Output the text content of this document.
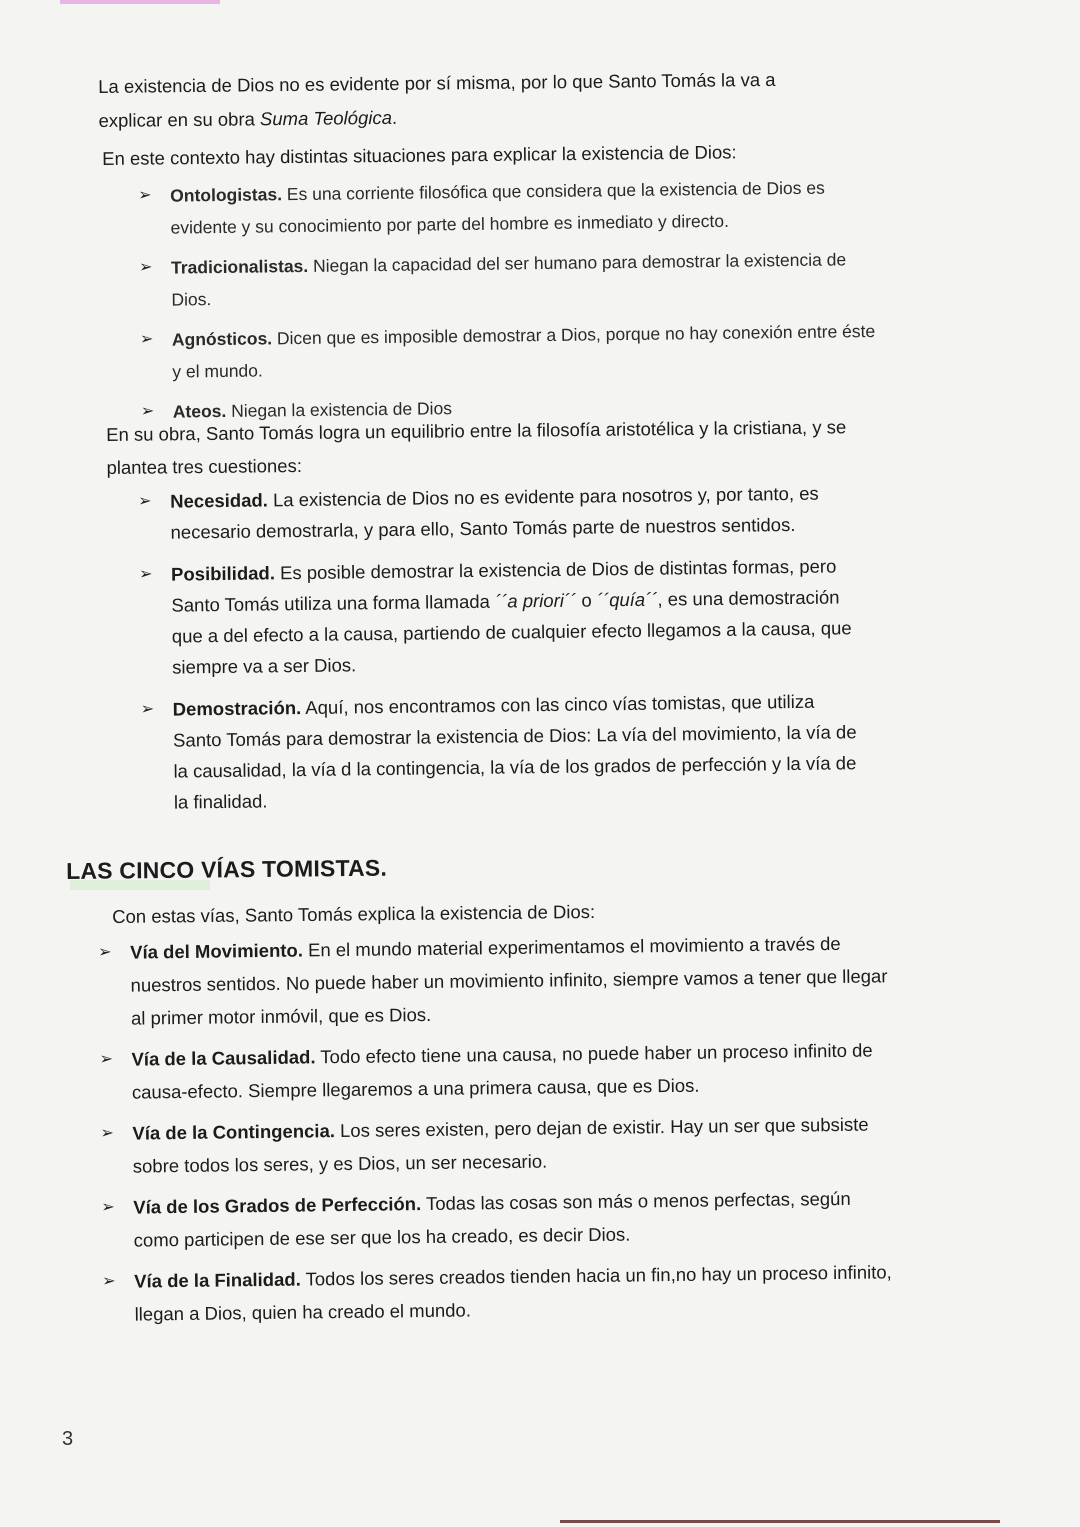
La existencia de Dios no es evidente por sí misma, por lo que Santo Tomás la va a explicar en su obra Suma Teológica.

En este contexto hay distintas situaciones para explicar la existencia de Dios:

➢ Ontologistas. Es una corriente filosófica que considera que la existencia de Dios es evidente y su conocimiento por parte del hombre es inmediato y directo.
➢ Tradicionalistas. Niegan la capacidad del ser humano para demostrar la existencia de Dios.
➢ Agnósticos. Dicen que es imposible demostrar a Dios, porque no hay conexión entre éste y el mundo.
➢ Ateos. Niegan la existencia de Dios

En su obra, Santo Tomás logra un equilibrio entre la filosofía aristotélica y la cristiana, y se plantea tres cuestiones:

➢ Necesidad. La existencia de Dios no es evidente para nosotros y, por tanto, es necesario demostrarla, y para ello, Santo Tomás parte de nuestros sentidos.
➢ Posibilidad. Es posible demostrar la existencia de Dios de distintas formas, pero Santo Tomás utiliza una forma llamada ´´a priori´´ o ´´quía´´, es una demostración que a del efecto a la causa, partiendo de cualquier efecto llegamos a la causa, que siempre va a ser Dios.
➢ Demostración. Aquí, nos encontramos con las cinco vías tomistas, que utiliza Santo Tomás para demostrar la existencia de Dios: La vía del movimiento, la vía de la causalidad, la vía d la contingencia, la vía de los grados de perfección y la vía de la finalidad.
LAS CINCO VÍAS TOMISTAS.

Con estas vías, Santo Tomás explica la existencia de Dios:

➢ Vía del Movimiento. En el mundo material experimentamos el movimiento a través de nuestros sentidos. No puede haber un movimiento infinito, siempre vamos a tener que llegar al primer motor inmóvil, que es Dios.
➢ Vía de la Causalidad. Todo efecto tiene una causa, no puede haber un proceso infinito de causa-efecto. Siempre llegaremos a una primera causa, que es Dios.
➢ Vía de la Contingencia. Los seres existen, pero dejan de existir. Hay un ser que subsiste sobre todos los seres, y es Dios, un ser necesario.
➢ Vía de los Grados de Perfección. Todas las cosas son más o menos perfectas, según como participen de ese ser que los ha creado, es decir Dios.
➢ Vía de la Finalidad. Todos los seres creados tienden hacia un fin,no hay un proceso infinito, llegan a Dios, quien ha creado el mundo.
3
